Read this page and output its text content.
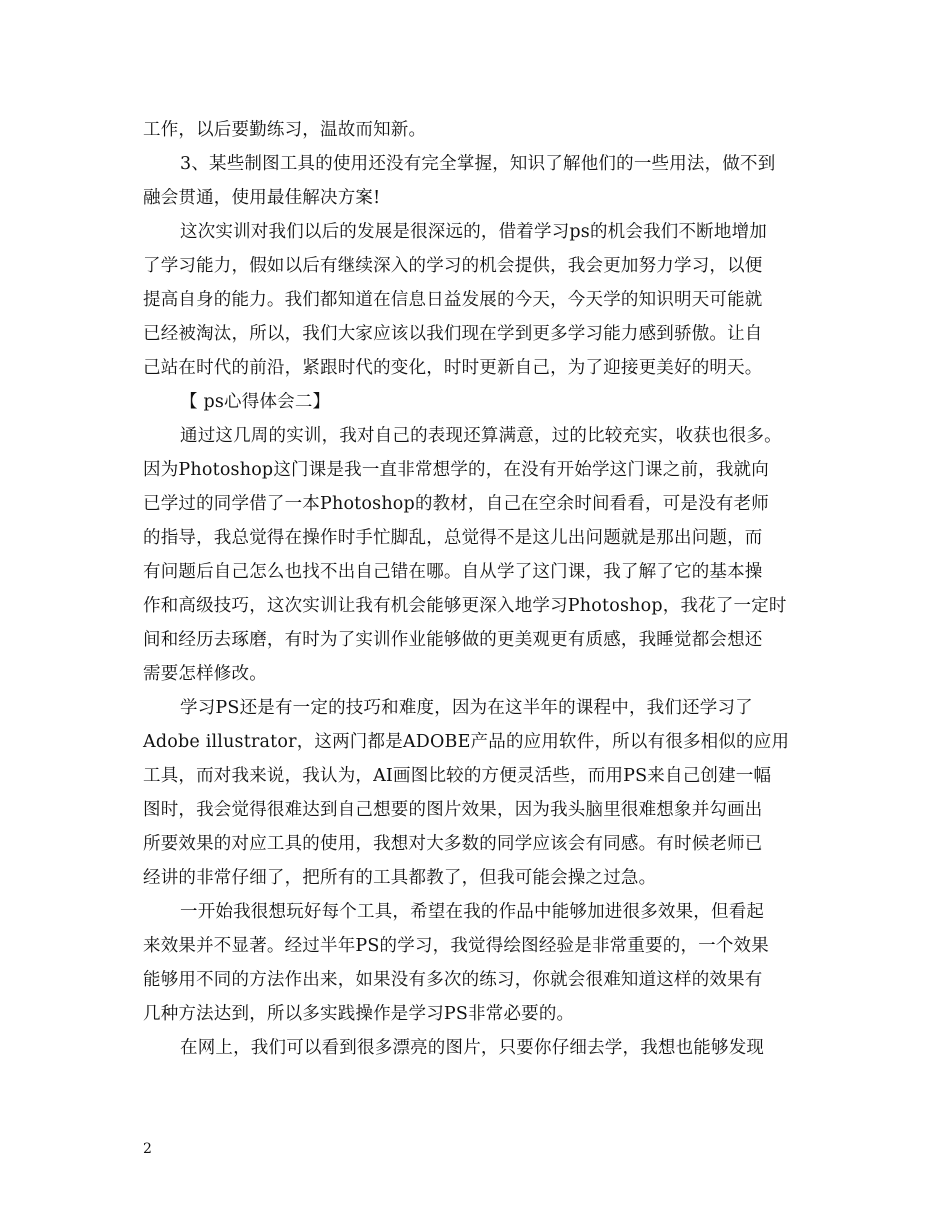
工作，以后要勤练习，温故而知新。
3、某些制图工具的使用还没有完全掌握，知识了解他们的一些用法，做不到
融会贯通，使用最佳解决方案!
这次实训对我们以后的发展是很深远的，借着学习ps的机会我们不断地增加
了学习能力，假如以后有继续深入的学习的机会提供，我会更加努力学习，以便
提高自身的能力。我们都知道在信息日益发展的今天，今天学的知识明天可能就
已经被淘汰，所以，我们大家应该以我们现在学到更多学习能力感到骄傲。让自
己站在时代的前沿，紧跟时代的变化，时时更新自己，为了迎接更美好的明天。
【 ps心得体会二】
通过这几周的实训，我对自己的表现还算满意，过的比较充实，收获也很多。
因为Photoshop这门课是我一直非常想学的，在没有开始学这门课之前，我就向
已学过的同学借了一本Photoshop的教材，自己在空余时间看看，可是没有老师
的指导，我总觉得在操作时手忙脚乱，总觉得不是这儿出问题就是那出问题，而
有问题后自己怎么也找不出自己错在哪。自从学了这门课，我了解了它的基本操
作和高级技巧，这次实训让我有机会能够更深入地学习Photoshop，我花了一定时
间和经历去琢磨，有时为了实训作业能够做的更美观更有质感，我睡觉都会想还
需要怎样修改。
学习PS还是有一定的技巧和难度，因为在这半年的课程中，我们还学习了
Adobe illustrator，这两门都是ADOBE产品的应用软件，所以有很多相似的应用
工具，而对我来说，我认为，AI画图比较的方便灵活些，而用PS来自己创建一幅
图时，我会觉得很难达到自己想要的图片效果，因为我头脑里很难想象并勾画出
所要效果的对应工具的使用，我想对大多数的同学应该会有同感。有时候老师已
经讲的非常仔细了，把所有的工具都教了，但我可能会操之过急。
一开始我很想玩好每个工具，希望在我的作品中能够加进很多效果，但看起
来效果并不显著。经过半年PS的学习，我觉得绘图经验是非常重要的，一个效果
能够用不同的方法作出来，如果没有多次的练习，你就会很难知道这样的效果有
几种方法达到，所以多实践操作是学习PS非常必要的。
在网上，我们可以看到很多漂亮的图片，只要你仔细去学，我想也能够发现
2
